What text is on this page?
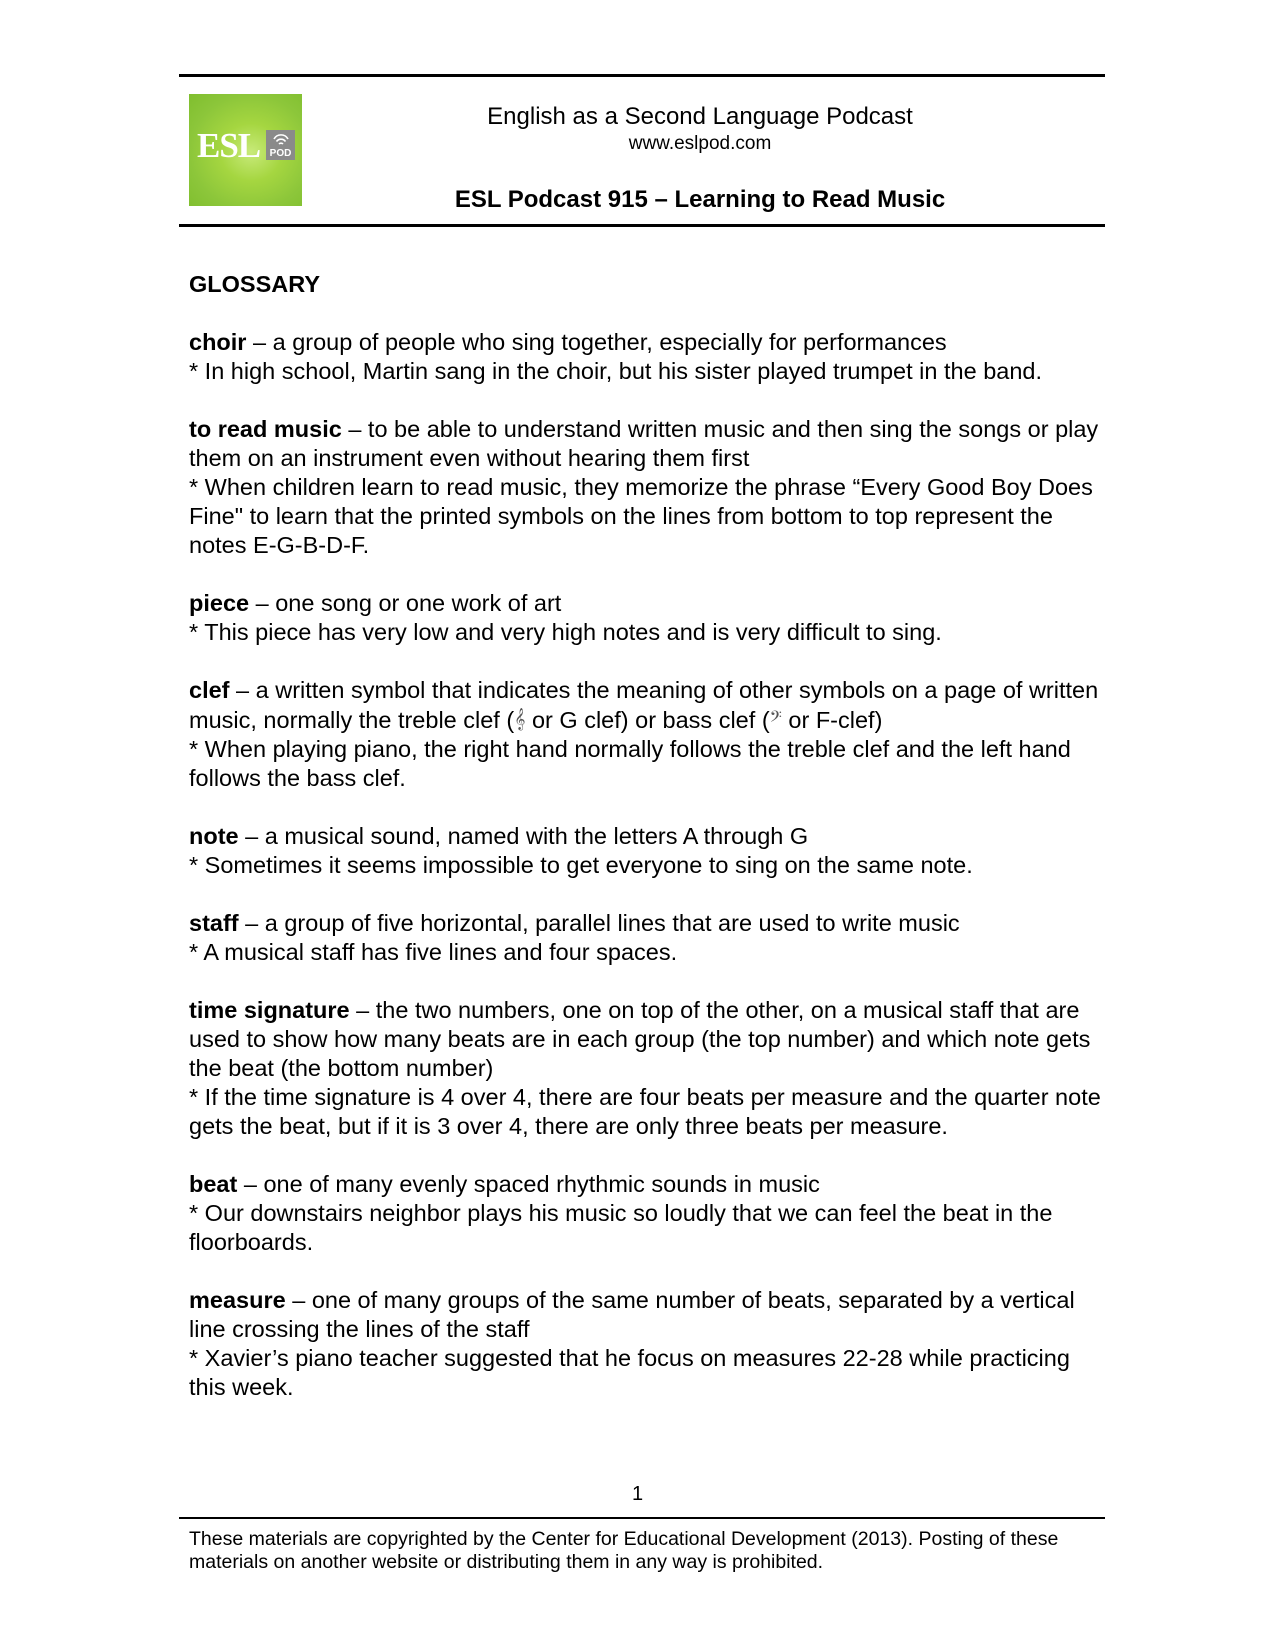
ESL POD
English as a Second Language Podcast
www.eslpod.com
ESL Podcast 915 – Learning to Read Music
GLOSSARY
choir – a group of people who sing together, especially for performances
* In high school, Martin sang in the choir, but his sister played trumpet in the band.
to read music – to be able to understand written music and then sing the songs or play them on an instrument even without hearing them first
* When children learn to read music, they memorize the phrase “Every Good Boy Does Fine" to learn that the printed symbols on the lines from bottom to top represent the notes E-G-B-D-F.
piece – one song or one work of art
* This piece has very low and very high notes and is very difficult to sing.
clef – a written symbol that indicates the meaning of other symbols on a page of written music, normally the treble clef (𝄞 or G clef) or bass clef (𝄢 or F-clef)
* When playing piano, the right hand normally follows the treble clef and the left hand follows the bass clef.
note – a musical sound, named with the letters A through G
* Sometimes it seems impossible to get everyone to sing on the same note.
staff – a group of five horizontal, parallel lines that are used to write music
* A musical staff has five lines and four spaces.
time signature – the two numbers, one on top of the other, on a musical staff that are used to show how many beats are in each group (the top number) and which note gets the beat (the bottom number)
* If the time signature is 4 over 4, there are four beats per measure and the quarter note gets the beat, but if it is 3 over 4, there are only three beats per measure.
beat – one of many evenly spaced rhythmic sounds in music
* Our downstairs neighbor plays his music so loudly that we can feel the beat in the floorboards.
measure – one of many groups of the same number of beats, separated by a vertical line crossing the lines of the staff
* Xavier’s piano teacher suggested that he focus on measures 22-28 while practicing this week.
1
These materials are copyrighted by the Center for Educational Development (2013). Posting of these materials on another website or distributing them in any way is prohibited.
